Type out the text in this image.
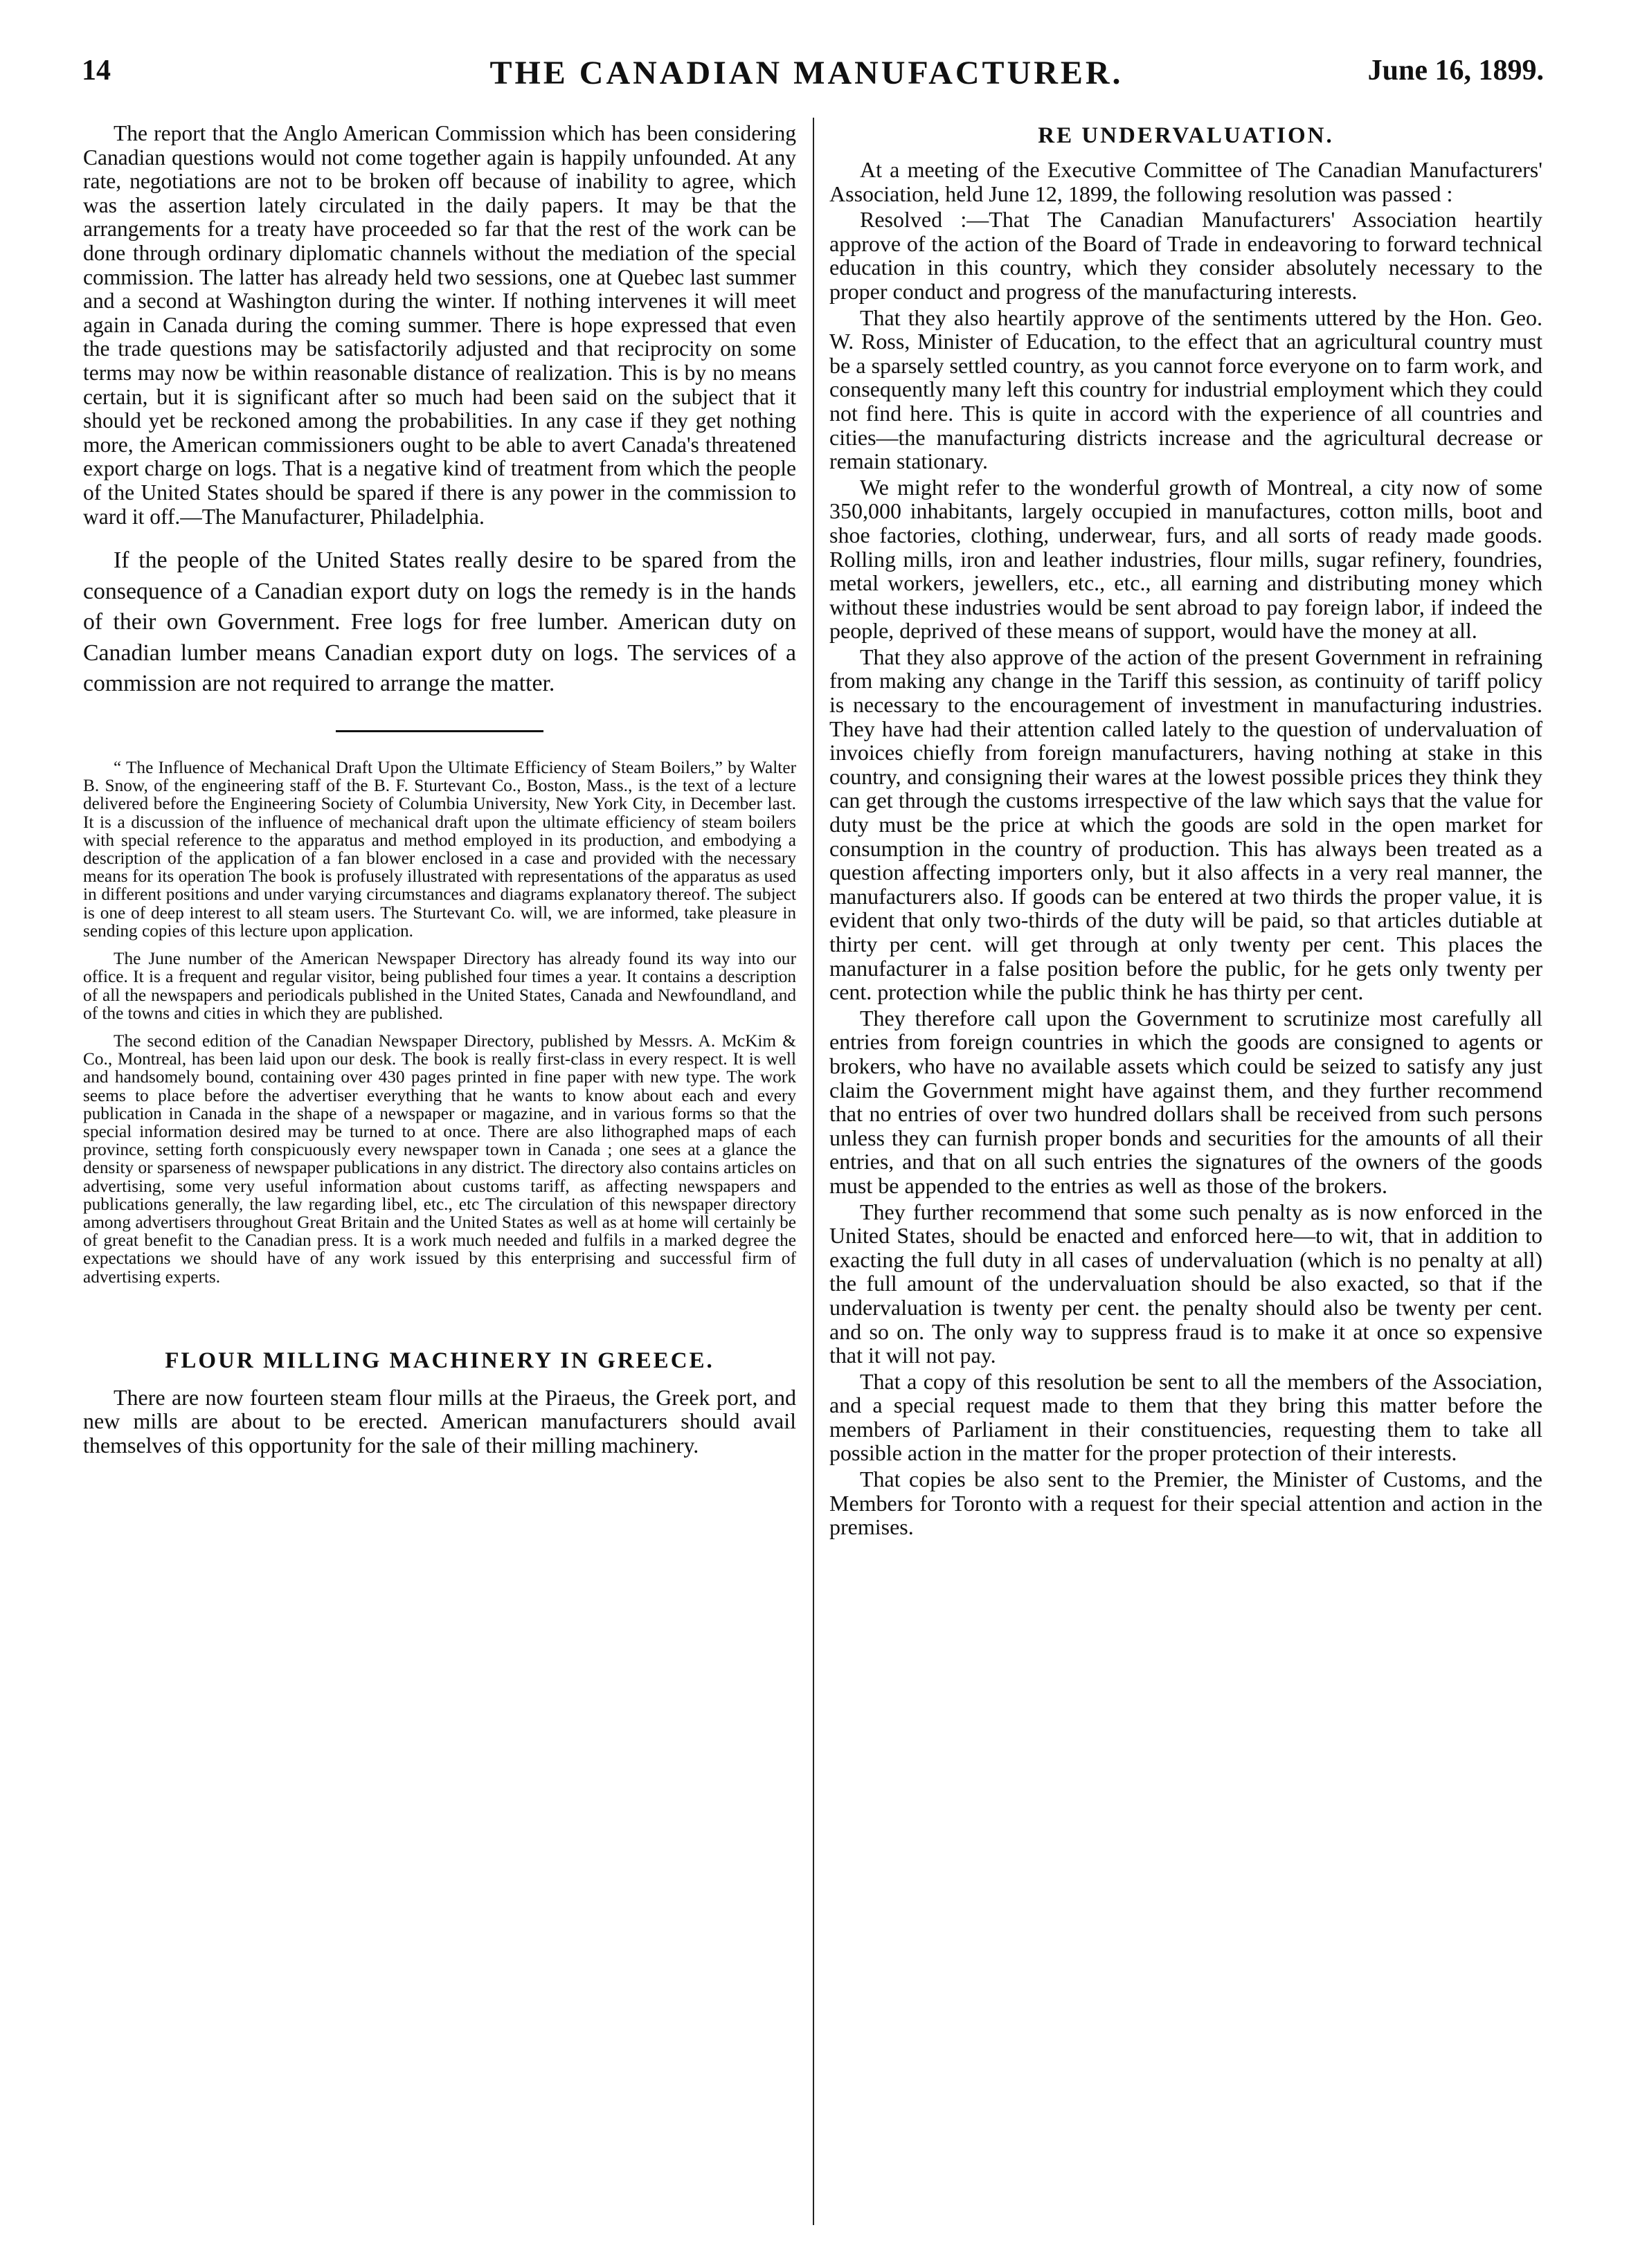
14	THE CANADIAN MANUFACTURER.	June 16, 1899.

The report that the Anglo American Commission which has been considering Canadian questions would not come together again is happily unfounded. At any rate, negotiations are not to be broken off because of inability to agree, which was the assertion lately circulated in the daily papers. It may be that the arrangements for a treaty have proceeded so far that the rest of the work can be done through ordinary diplomatic channels without the mediation of the special commission. The latter has already held two sessions, one at Quebec last summer and a second at Washington during the winter. If nothing intervenes it will meet again in Canada during the coming summer. There is hope expressed that even the trade questions may be satisfactorily adjusted and that reciprocity on some terms may now be within reasonable distance of realization. This is by no means certain, but it is significant after so much had been said on the subject that it should yet be reckoned among the probabilities. In any case if they get nothing more, the American commissioners ought to be able to avert Canada's threatened export charge on logs. That is a negative kind of treatment from which the people of the United States should be spared if there is any power in the commission to ward it off.—The Manufacturer, Philadelphia.

If the people of the United States really desire to be spared from the consequence of a Canadian export duty on logs the remedy is in the hands of their own Government. Free logs for free lumber. American duty on Canadian lumber means Canadian export duty on logs. The services of a commission are not required to arrange the matter.

“ The Influence of Mechanical Draft Upon the Ultimate Efficiency of Steam Boilers,” by Walter B. Snow, of the engineering staff of the B. F. Sturtevant Co., Boston, Mass., is the text of a lecture delivered before the Engineering Society of Columbia University, New York City, in December last. It is a discussion of the influence of mechanical draft upon the ultimate efficiency of steam boilers with special reference to the apparatus and method employed in its production, and embodying a description of the application of a fan blower enclosed in a case and provided with the necessary means for its operation The book is profusely illustrated with representations of the apparatus as used in different positions and under varying circumstances and diagrams explanatory thereof. The subject is one of deep interest to all steam users. The Sturtevant Co. will, we are informed, take pleasure in sending copies of this lecture upon application.

The June number of the American Newspaper Directory has already found its way into our office. It is a frequent and regular visitor, being published four times a year. It contains a description of all the newspapers and periodicals published in the United States, Canada and Newfoundland, and of the towns and cities in which they are published.

The second edition of the Canadian Newspaper Directory, published by Messrs. A. McKim & Co., Montreal, has been laid upon our desk. The book is really first-class in every respect. It is well and handsomely bound, containing over 430 pages printed in fine paper with new type. The work seems to place before the advertiser everything that he wants to know about each and every publication in Canada in the shape of a newspaper or magazine, and in various forms so that the special information desired may be turned to at once. There are also lithographed maps of each province, setting forth conspicuously every newspaper town in Canada ; one sees at a glance the density or sparseness of newspaper publications in any district. The directory also contains articles on advertising, some very useful information about customs tariff, as affecting newspapers and publications generally, the law regarding libel, etc., etc The circulation of this newspaper directory among advertisers throughout Great Britain and the United States as well as at home will certainly be of great benefit to the Canadian press. It is a work much needed and fulfils in a marked degree the expectations we should have of any work issued by this enterprising and successful firm of advertising experts.

FLOUR MILLING MACHINERY IN GREECE.

There are now fourteen steam flour mills at the Piraeus, the Greek port, and new mills are about to be erected. American manufacturers should avail themselves of this opportunity for the sale of their milling machinery.

RE UNDERVALUATION.

At a meeting of the Executive Committee of The Canadian Manufacturers' Association, held June 12, 1899, the following resolution was passed :

Resolved :—That The Canadian Manufacturers' Association heartily approve of the action of the Board of Trade in endeavoring to forward technical education in this country, which they consider absolutely necessary to the proper conduct and progress of the manufacturing interests.

That they also heartily approve of the sentiments uttered by the Hon. Geo. W. Ross, Minister of Education, to the effect that an agricultural country must be a sparsely settled country, as you cannot force everyone on to farm work, and consequently many left this country for industrial employment which they could not find here. This is quite in accord with the experience of all countries and cities—the manufacturing districts increase and the agricultural decrease or remain stationary.

We might refer to the wonderful growth of Montreal, a city now of some 350,000 inhabitants, largely occupied in manufactures, cotton mills, boot and shoe factories, clothing, underwear, furs, and all sorts of ready made goods. Rolling mills, iron and leather industries, flour mills, sugar refinery, foundries, metal workers, jewellers, etc., etc., all earning and distributing money which without these industries would be sent abroad to pay foreign labor, if indeed the people, deprived of these means of support, would have the money at all.

That they also approve of the action of the present Government in refraining from making any change in the Tariff this session, as continuity of tariff policy is necessary to the encouragement of investment in manufacturing industries. They have had their attention called lately to the question of undervaluation of invoices chiefly from foreign manufacturers, having nothing at stake in this country, and consigning their wares at the lowest possible prices they think they can get through the customs irrespective of the law which says that the value for duty must be the price at which the goods are sold in the open market for consumption in the country of production. This has always been treated as a question affecting importers only, but it also affects in a very real manner, the manufacturers also. If goods can be entered at two thirds the proper value, it is evident that only two-thirds of the duty will be paid, so that articles dutiable at thirty per cent. will get through at only twenty per cent. This places the manufacturer in a false position before the public, for he gets only twenty per cent. protection while the public think he has thirty per cent.

They therefore call upon the Government to scrutinize most carefully all entries from foreign countries in which the goods are consigned to agents or brokers, who have no available assets which could be seized to satisfy any just claim the Government might have against them, and they further recommend that no entries of over two hundred dollars shall be received from such persons unless they can furnish proper bonds and securities for the amounts of all their entries, and that on all such entries the signatures of the owners of the goods must be appended to the entries as well as those of the brokers.

They further recommend that some such penalty as is now enforced in the United States, should be enacted and enforced here—to wit, that in addition to exacting the full duty in all cases of undervaluation (which is no penalty at all) the full amount of the undervaluation should be also exacted, so that if the undervaluation is twenty per cent. the penalty should also be twenty per cent. and so on. The only way to suppress fraud is to make it at once so expensive that it will not pay.

That a copy of this resolution be sent to all the members of the Association, and a special request made to them that they bring this matter before the members of Parliament in their constituencies, requesting them to take all possible action in the matter for the proper protection of their interests.

That copies be also sent to the Premier, the Minister of Customs, and the Members for Toronto with a request for their special attention and action in the premises.
